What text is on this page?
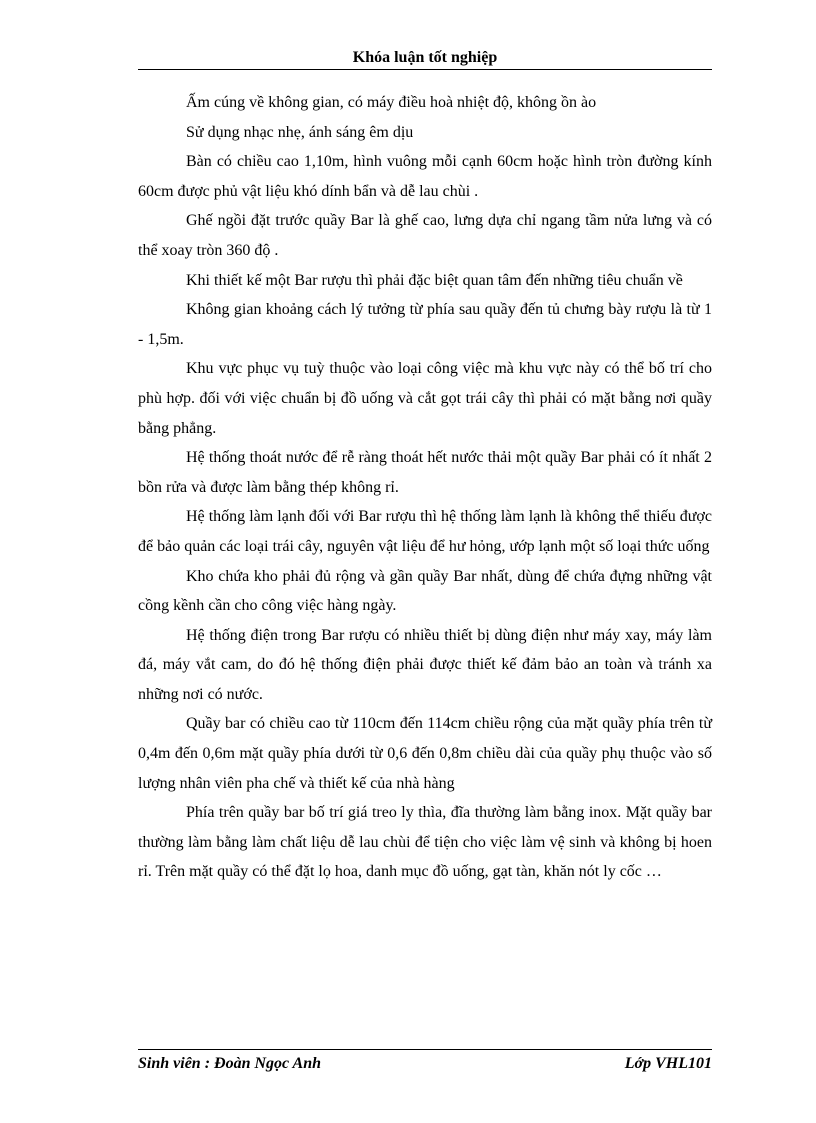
Khóa luận tốt nghiệp

Ấm cúng về không gian, có máy điều hoà nhiệt độ, không ồn ào

Sử dụng nhạc nhẹ, ánh sáng êm dịu

Bàn có chiều cao 1,10m, hình vuông mỗi cạnh 60cm hoặc hình tròn đường kính 60cm được phủ vật liệu khó dính bẩn và dễ lau chùi .

Ghế ngồi đặt trước quầy Bar là ghế cao, lưng dựa chỉ ngang tầm nửa lưng và có thể xoay tròn 360 độ .

Khi thiết kế một Bar rượu thì phải đặc biệt quan tâm đến những tiêu chuẩn về

Không gian khoảng cách lý tưởng từ phía sau quầy đến tủ chưng bày rượu là từ 1 - 1,5m.

Khu vực phục vụ tuỳ thuộc vào loại công việc mà khu vực này có thể bố trí cho phù hợp. đối với việc chuẩn bị đồ uống và cắt gọt trái cây thì phải có mặt bằng nơi quầy bằng phẳng.

Hệ thống thoát nước để rễ ràng thoát hết nước thải một quầy Bar phải có ít nhất 2 bồn rửa và được làm bằng thép không rỉ.

Hệ thống làm lạnh đối với Bar rượu thì hệ thống làm lạnh là không thể thiếu được để bảo quản các loại trái cây, nguyên vật liệu để hư hỏng, ướp lạnh một số loại thức uống

Kho chứa kho phải đủ rộng và gần quầy Bar nhất, dùng để chứa đựng những vật cồng kềnh cần cho công việc hàng ngày.

Hệ thống điện trong Bar rượu có nhiều thiết bị dùng điện như máy xay, máy làm đá, máy vắt cam, do đó hệ thống điện phải được thiết kế đảm bảo an toàn và tránh xa những nơi có nước.

Quầy bar có chiều cao từ 110cm đến 114cm chiều rộng của mặt quầy phía trên từ 0,4m đến 0,6m mặt quầy phía dưới từ 0,6 đến 0,8m chiều dài của quầy phụ thuộc vào số lượng nhân viên pha chế và thiết kế của nhà hàng

Phía trên quầy bar bố trí giá treo ly thìa, đĩa thường làm bằng inox. Mặt quầy bar thường làm bằng làm chất liệu dễ lau chùi để tiện cho việc làm vệ sinh và không bị hoen rỉ. Trên mặt quầy có thể đặt lọ hoa, danh mục đồ uống, gạt tàn, khăn nót ly cốc …

Sinh viên : Đoàn Ngọc Anh	Lớp VHL101
